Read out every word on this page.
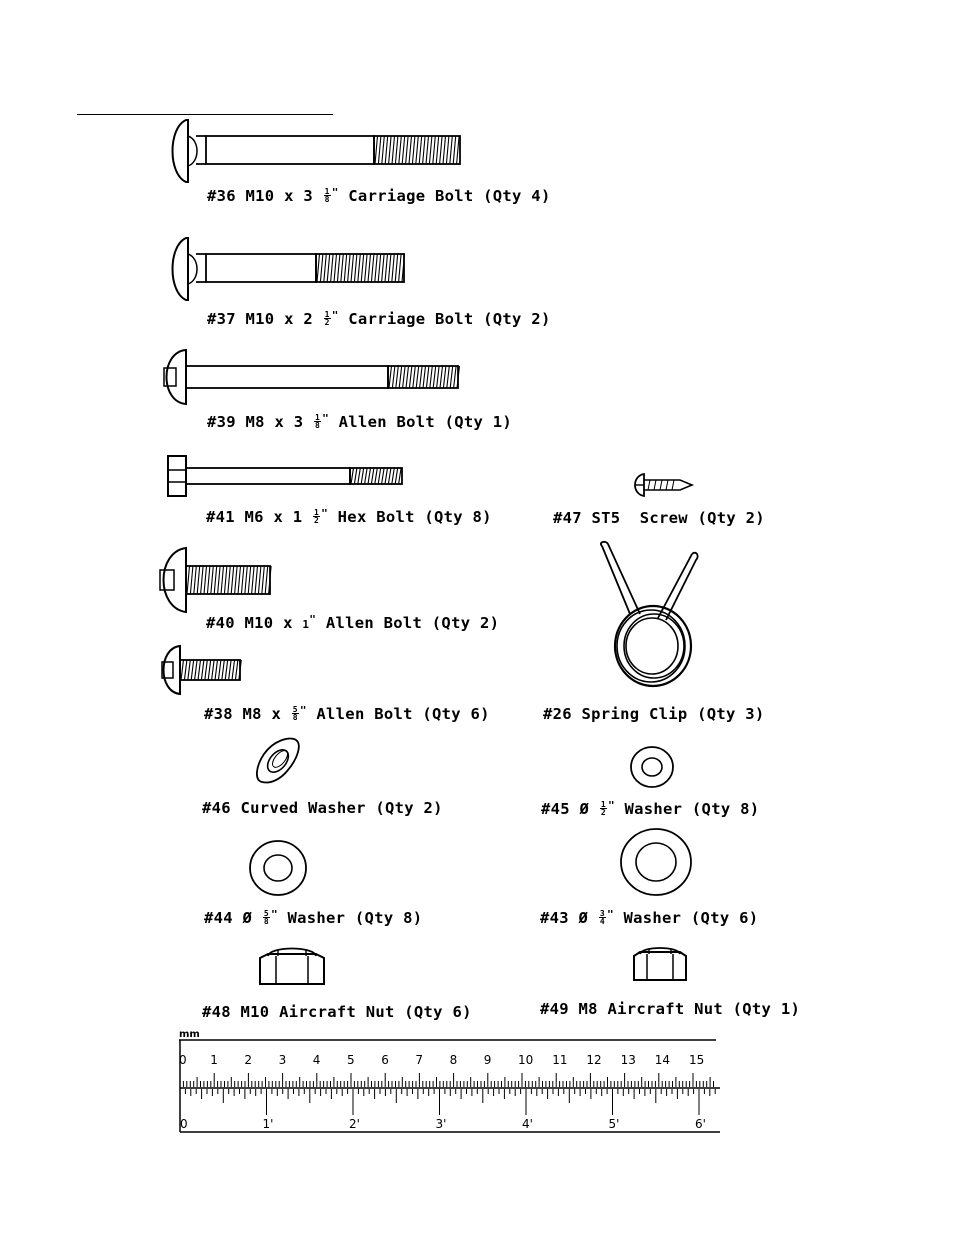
#36 M10 x $3 \frac{1}{8} ^"$ Carriage Bolt (Qty 4)
#37 M10 x $2 \frac{1}{2} ^"$ Carriage Bolt (Qty 2)
#39 M8 x $3 \frac{1}{8} ^"$ Allen Bolt (Qty 1)
#41 M6 x $1 \frac{1}{2} ^"$ Hex Bolt (Qty 8)	#47 ST5  Screw (Qty 2)
#40 M10 x 1" Allen Bolt (Qty 2)
#38 M8 x $\frac{5}{8} ^"$ Allen Bolt (Qty 6)	#26 Spring Clip (Qty 3)
#46 Curved Washer (Qty 2)	#45 Ø $\frac{1}{2} ^"$ Washer (Qty 8)
#44 Ø $\frac{5}{8} ^"$ Washer (Qty 8)	#43 Ø $\frac{3}{4} ^"$ Washer (Qty 6)
#48 M10 Aircraft Nut (Qty 6)	#49 M8 Aircraft Nut (Qty 1)
mm
0 1 2 3 4 5 6 7 8 9 10 11 12 13 14 15
0	1'	2'	3'	4'	5'	6'
